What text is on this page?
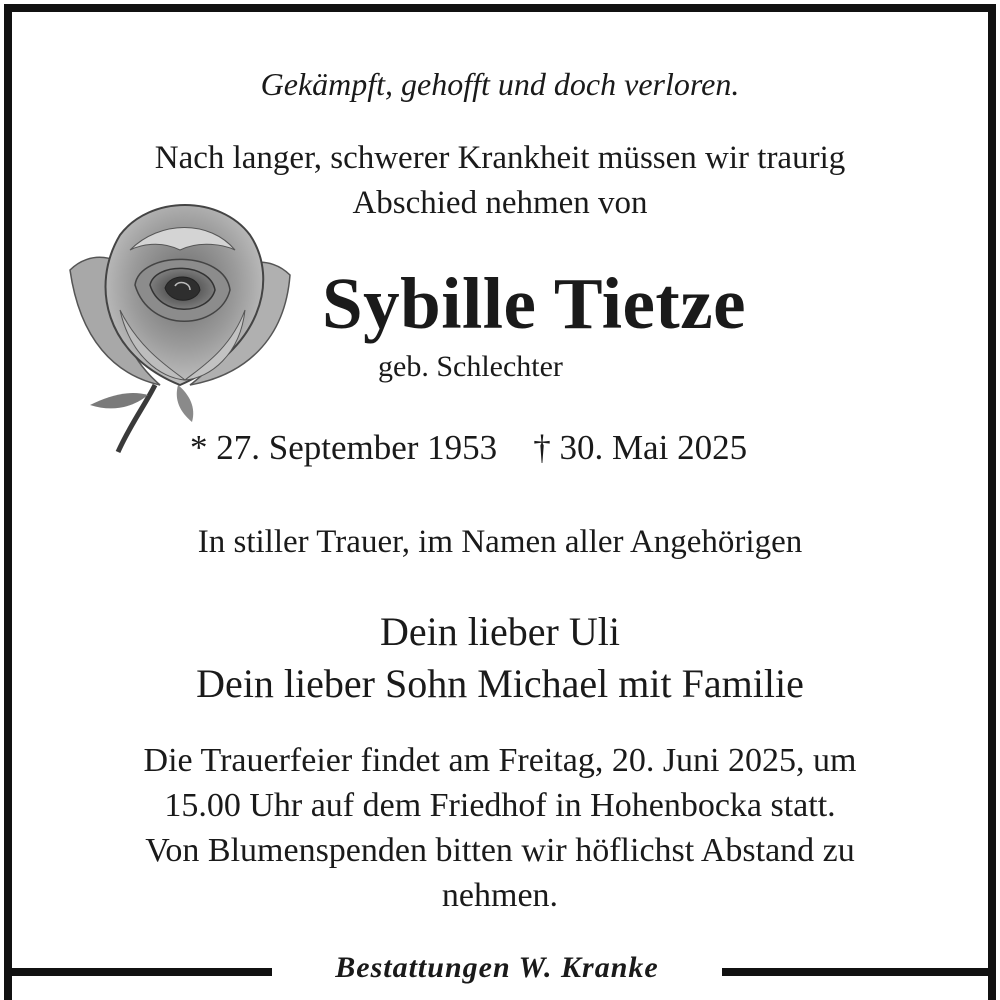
Gekämpft, gehofft und doch verloren.
Nach langer, schwerer Krankheit müssen wir traurig
Abschied nehmen von
Sybille Tietze
geb. Schlechter
* 27. September 1953 † 30. Mai 2025
In stiller Trauer, im Namen aller Angehörigen
Dein lieber Uli
Dein lieber Sohn Michael mit Familie
Die Trauerfeier findet am Freitag, 20. Juni 2025, um
15.00 Uhr auf dem Friedhof in Hohenbocka statt.
Von Blumenspenden bitten wir höflichst Abstand zu
nehmen.
Bestattungen W. Kranke
